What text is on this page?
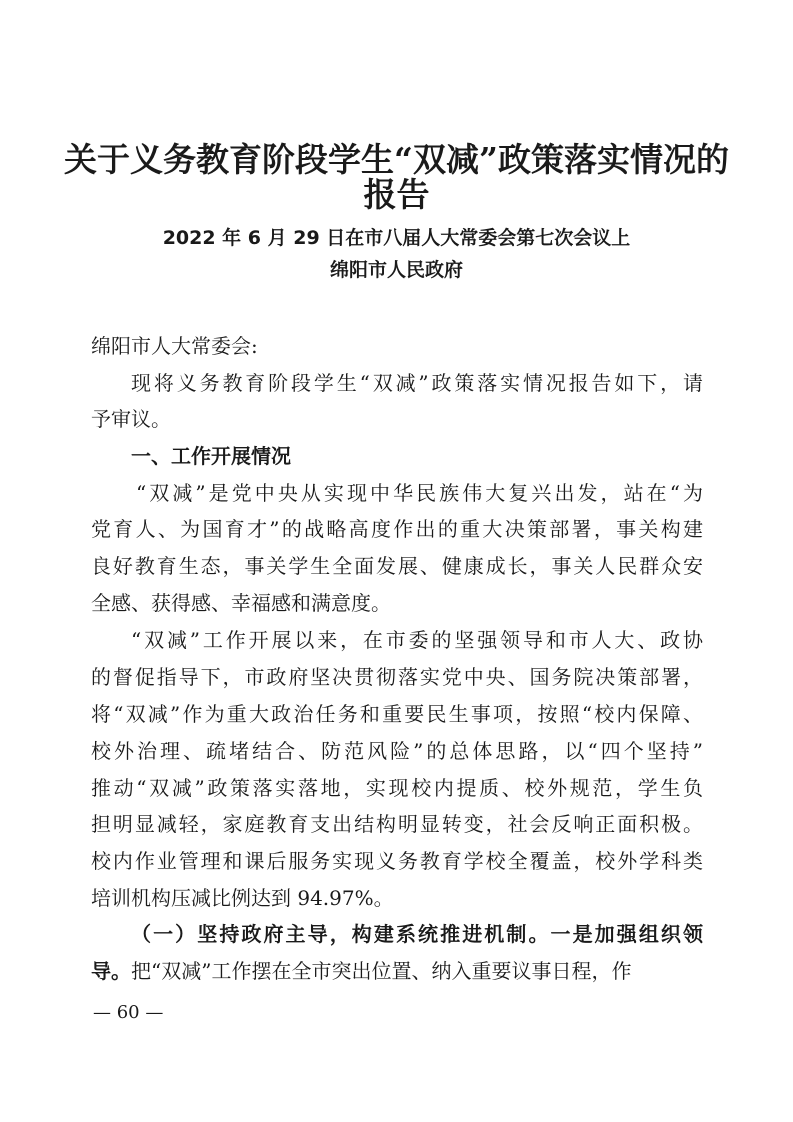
关于义务教育阶段学生“双减”政策落实情况的
报告
2022 年 6 月 29 日在市八届人大常委会第七次会议上
绵阳市人民政府
绵阳市人大常委会:
现将义务教育阶段学生“双减”政策落实情况报告如下，请
予审议。
一、工作开展情况
“双减”是党中央从实现中华民族伟大复兴出发，站在“为
党育人、为国育才”的战略高度作出的重大决策部署，事关构建
良好教育生态，事关学生全面发展、健康成长，事关人民群众安
全感、获得感、幸福感和满意度。
“双减”工作开展以来，在市委的坚强领导和市人大、政协
的督促指导下，市政府坚决贯彻落实党中央、国务院决策部署，
将“双减”作为重大政治任务和重要民生事项，按照“校内保障、
校外治理、疏堵结合、防范风险”的总体思路，以“四个坚持”
推动“双减”政策落实落地，实现校内提质、校外规范，学生负
担明显减轻，家庭教育支出结构明显转变，社会反响正面积极。
校内作业管理和课后服务实现义务教育学校全覆盖，校外学科类
培训机构压减比例达到 94.97%。
（一）坚持政府主导，构建系统推进机制。一是加强组织领
导。把“双减”工作摆在全市突出位置、纳入重要议事日程，作
— 60 —
